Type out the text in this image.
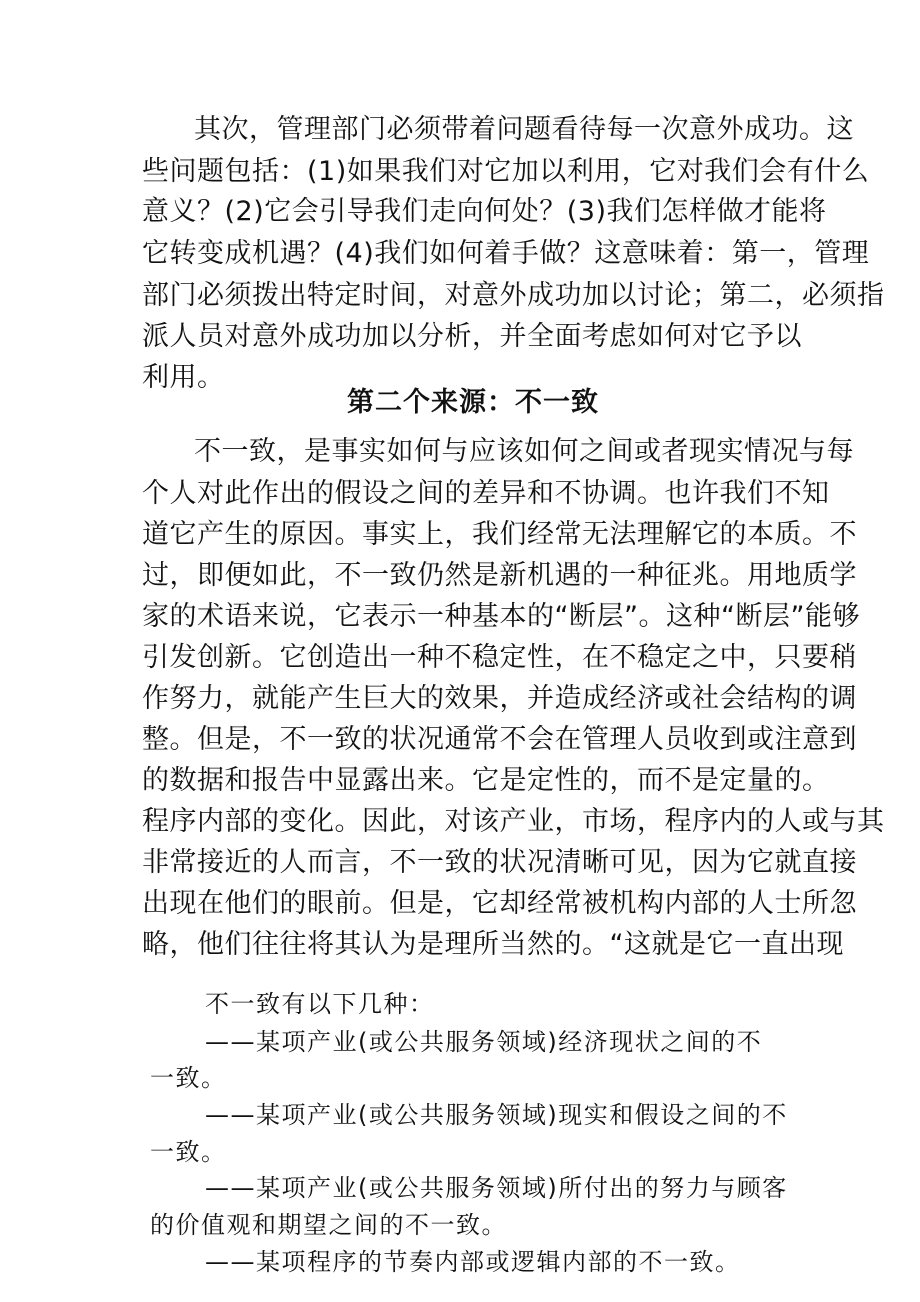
其次，管理部门必须带着问题看待每一次意外成功。这
些问题包括：(1)如果我们对它加以利用，它对我们会有什么
意义？(2)它会引导我们走向何处？(3)我们怎样做才能将
它转变成机遇？(4)我们如何着手做？这意味着：第一，管理
部门必须拨出特定时间，对意外成功加以讨论；第二，必须指
派人员对意外成功加以分析，并全面考虑如何对它予以
利用。
第二个来源：不一致
不一致，是事实如何与应该如何之间或者现实情况与每
个人对此作出的假设之间的差异和不协调。也许我们不知
道它产生的原因。事实上，我们经常无法理解它的本质。不
过，即便如此，不一致仍然是新机遇的一种征兆。用地质学
家的术语来说，它表示一种基本的“断层”。这种“断层”能够
引发创新。它创造出一种不稳定性，在不稳定之中，只要稍
作努力，就能产生巨大的效果，并造成经济或社会结构的调
整。但是，不一致的状况通常不会在管理人员收到或注意到
的数据和报告中显露出来。它是定性的，而不是定量的。
程序内部的变化。因此，对该产业，市场，程序内的人或与其
非常接近的人而言，不一致的状况清晰可见，因为它就直接
出现在他们的眼前。但是，它却经常被机构内部的人士所忽
略，他们往往将其认为是理所当然的。“这就是它一直出现
不一致有以下几种：
——某项产业(或公共服务领域)经济现状之间的不
一致。
——某项产业(或公共服务领域)现实和假设之间的不
一致。
——某项产业(或公共服务领域)所付出的努力与顾客
的价值观和期望之间的不一致。
——某项程序的节奏内部或逻辑内部的不一致。
